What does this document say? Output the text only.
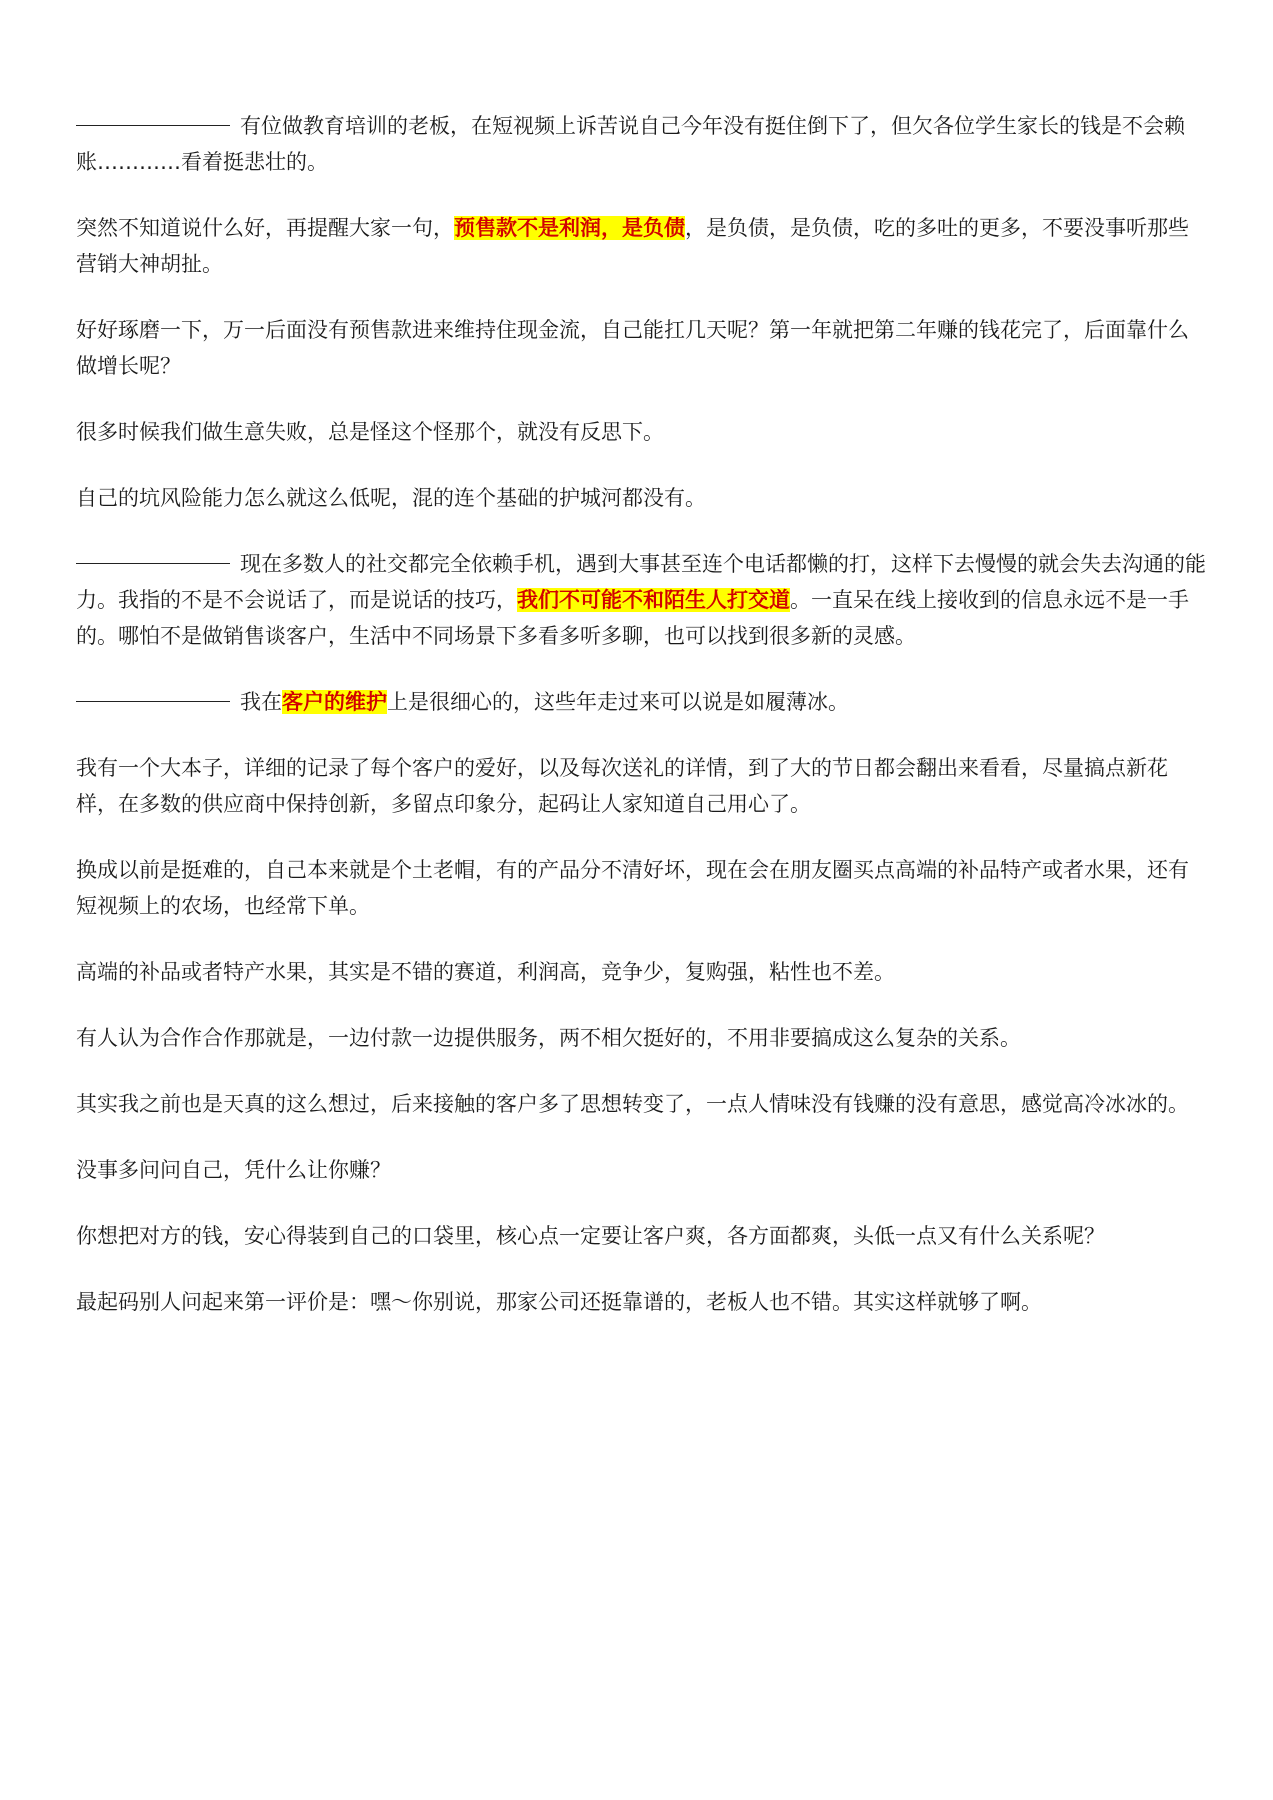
有位做教育培训的老板，在短视频上诉苦说自己今年没有挺住倒下了，但欠各位学生家长的钱是不会赖账…………看着挺悲壮的。

突然不知道说什么好，再提醒大家一句，预售款不是利润，是负债，是负债，是负债，吃的多吐的更多，不要没事听那些营销大神胡扯。

好好琢磨一下，万一后面没有预售款进来维持住现金流，自己能扛几天呢？第一年就把第二年赚的钱花完了，后面靠什么做增长呢？

很多时候我们做生意失败，总是怪这个怪那个，就没有反思下。

自己的坑风险能力怎么就这么低呢，混的连个基础的护城河都没有。

现在多数人的社交都完全依赖手机，遇到大事甚至连个电话都懒的打，这样下去慢慢的就会失去沟通的能力。我指的不是不会说话了，而是说话的技巧，我们不可能不和陌生人打交道。一直呆在线上接收到的信息永远不是一手的。哪怕不是做销售谈客户，生活中不同场景下多看多听多聊，也可以找到很多新的灵感。

我在客户的维护上是很细心的，这些年走过来可以说是如履薄冰。

我有一个大本子，详细的记录了每个客户的爱好，以及每次送礼的详情，到了大的节日都会翻出来看看，尽量搞点新花样，在多数的供应商中保持创新，多留点印象分，起码让人家知道自己用心了。

换成以前是挺难的，自己本来就是个土老帽，有的产品分不清好坏，现在会在朋友圈买点高端的补品特产或者水果，还有短视频上的农场，也经常下单。

高端的补品或者特产水果，其实是不错的赛道，利润高，竞争少，复购强，粘性也不差。

有人认为合作合作那就是，一边付款一边提供服务，两不相欠挺好的，不用非要搞成这么复杂的关系。

其实我之前也是天真的这么想过，后来接触的客户多了思想转变了，一点人情味没有钱赚的没有意思，感觉高冷冰冰的。

没事多问问自己，凭什么让你赚？

你想把对方的钱，安心得装到自己的口袋里，核心点一定要让客户爽，各方面都爽，头低一点又有什么关系呢？

最起码别人问起来第一评价是：嘿～你别说，那家公司还挺靠谱的，老板人也不错。其实这样就够了啊。
